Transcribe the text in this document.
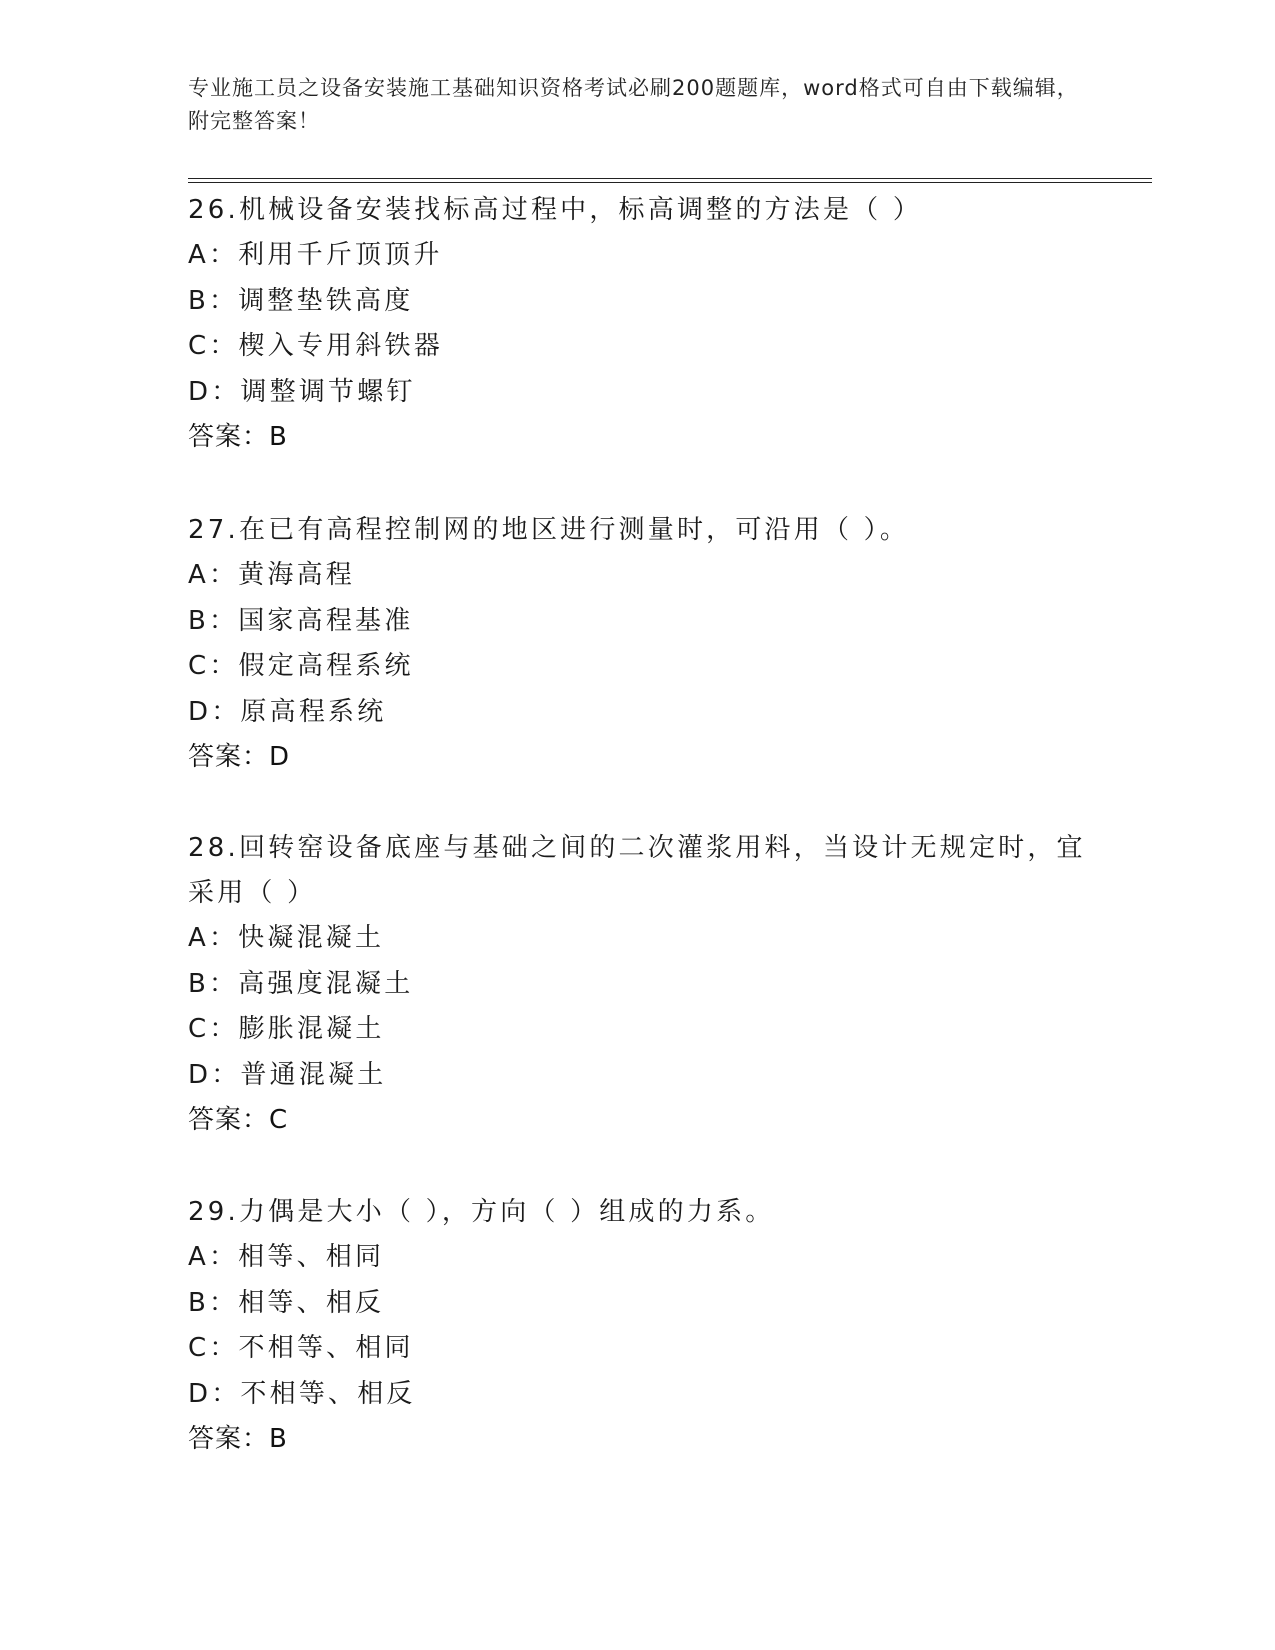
专业施工员之设备安装施工基础知识资格考试必刷200题题库，word格式可自由下载编辑，附完整答案！

26.机械设备安装找标高过程中，标高调整的方法是（ ）

A：利用千斤顶顶升

B：调整垫铁高度

C：楔入专用斜铁器

D：调整调节螺钉

答案：B

27.在已有高程控制网的地区进行测量时，可沿用（ ）。

A：黄海高程

B：国家高程基准

C：假定高程系统

D：原高程系统

答案：D

28.回转窑设备底座与基础之间的二次灌浆用料，当设计无规定时，宜采用（ ）

A：快凝混凝土

B：高强度混凝土

C：膨胀混凝土

D：普通混凝土

答案：C

29.力偶是大小（ ），方向（ ）组成的力系。

A：相等、相同

B：相等、相反

C：不相等、相同

D：不相等、相反

答案：B
